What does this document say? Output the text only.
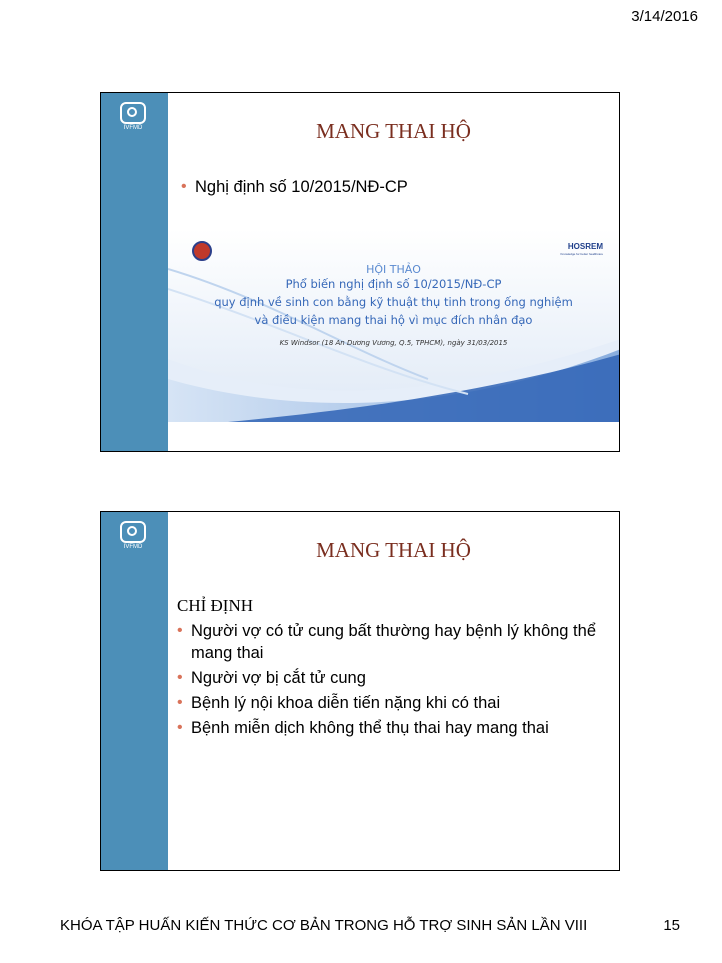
3/14/2016
IVFMD	MANG THAI HỘ
• Nghị định số 10/2015/NĐ-CP
HOSREM
Knowledge for better healthcare
HỘI THẢO
Phổ biến nghị định số 10/2015/NĐ-CP
quy định về sinh con bằng kỹ thuật thụ tinh trong ống nghiệm
và điều kiện mang thai hộ vì mục đích nhân đạo
KS Windsor (18 An Dương Vương, Q.5, TPHCM), ngày 31/03/2015
IVFMD	MANG THAI HỘ
CHỈ ĐỊNH
• Người vợ có tử cung bất thường hay bệnh lý không thể mang thai
• Người vợ bị cắt tử cung
• Bệnh lý nội khoa diễn tiến nặng khi có thai
• Bệnh miễn dịch không thể thụ thai hay mang thai
KHÓA TẬP HUẤN KIẾN THỨC CƠ BẢN TRONG HỖ TRỢ SINH SẢN LẦN VIII	15
